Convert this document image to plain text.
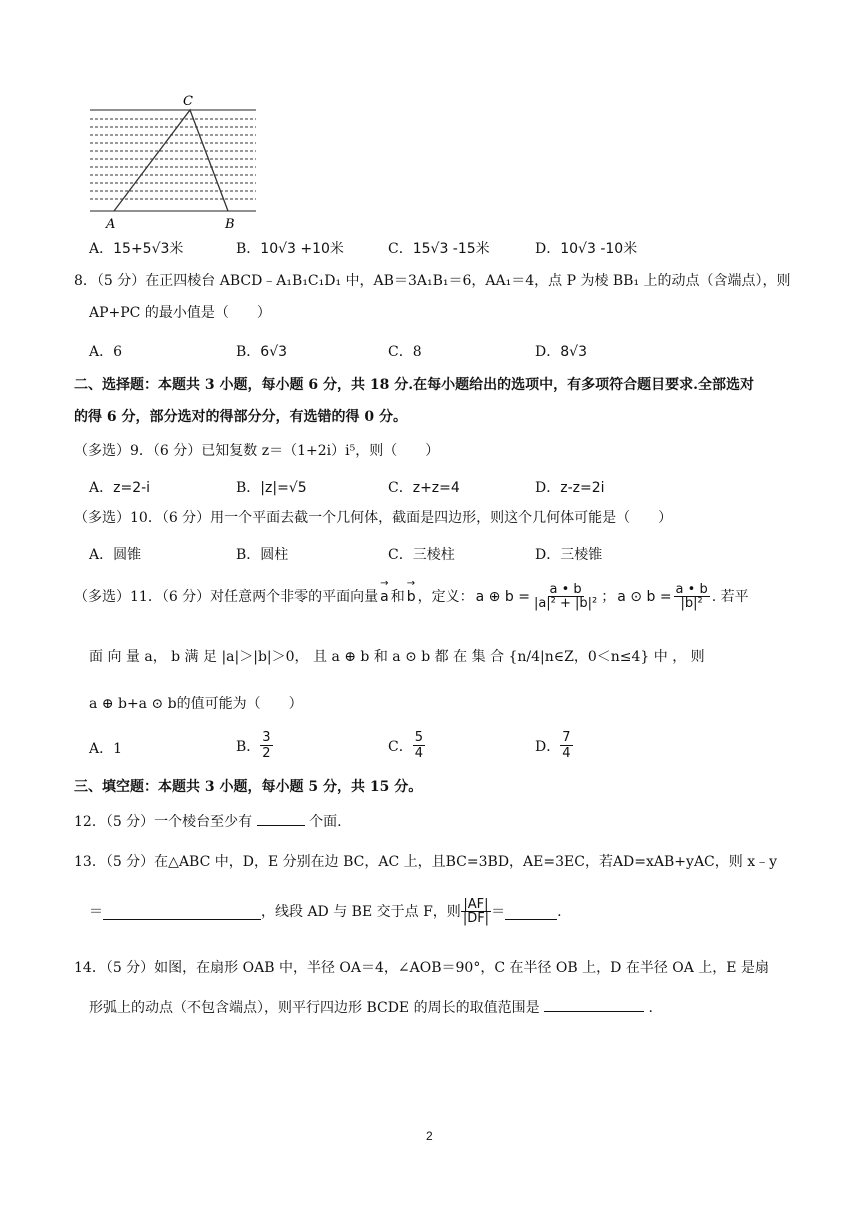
C
A	B
A．15+5√3米	B．10√3 +10米	C．15√3 -15米	D．10√3 -10米
8．（5 分）在正四棱台 ABCD﹣A₁B₁C₁D₁ 中，AB＝3A₁B₁＝6，AA₁＝4，点 P 为棱 BB₁ 上的动点（含端点），则
AP+PC 的最小值是（　　）
A．6	B．6√3	C．8	D．8√3
二、选择题：本题共 3 小题，每小题 6 分，共 18 分.在每小题给出的选项中，有多项符合题目要求.全部选对
的得 6 分，部分选对的得部分分，有选错的得 0 分。
（多选）9．（6 分）已知复数 z＝（1+2i）i⁵，则（　　）
A．z=2-i	B．|z|=√5	C．z+z=4	D．z-z=2i
（多选）10．（6 分）用一个平面去截一个几何体，截面是四边形，则这个几何体可能是（　　）
A．圆锥	B．圆柱	C．三棱柱	D．三棱锥
（多选）11．（6 分）对任意两个非零的平面向量 → a 和 → b ，定义： a ⊕ $b = \frac{a • b}{\text{|a|² + |b|²}}$ ； a ⊙ $b = \frac{a • b}{\text{|b|²}}$ . 若平
面 向 量 a， b 满 足 |a|＞|b|＞0， 且 a ⊕ b 和 a ⊙ b 都 在 集 合 {n/4|n∈Z，0＜n≤4} 中 ， 则
a ⊕ b+a ⊙ b的值可能为（　　）
A．1	B． $\frac{3}{2}$	C． $\frac{5}{4}$	D． $\frac{7}{4}$
三、填空题：本题共 3 小题，每小题 5 分，共 15 分。
12．（5 分）一个棱台至少有	个面.
13．（5 分）在△ABC 中，D，E 分别在边 BC，AC 上，且BC=3BD，AE=3EC，若AD=xAB+yAC，则 x﹣y
＝	，线段 AD 与 BE 交于点 F，则 $\frac{|AF|}{|DF|}$ ＝	.
14．（5 分）如图，在扇形 OAB 中，半径 OA＝4，∠AOB＝90°，C 在半径 OB 上，D 在半径 OA 上，E 是扇
形弧上的动点（不包含端点），则平行四边形 BCDE 的周长的取值范围是	.
2
